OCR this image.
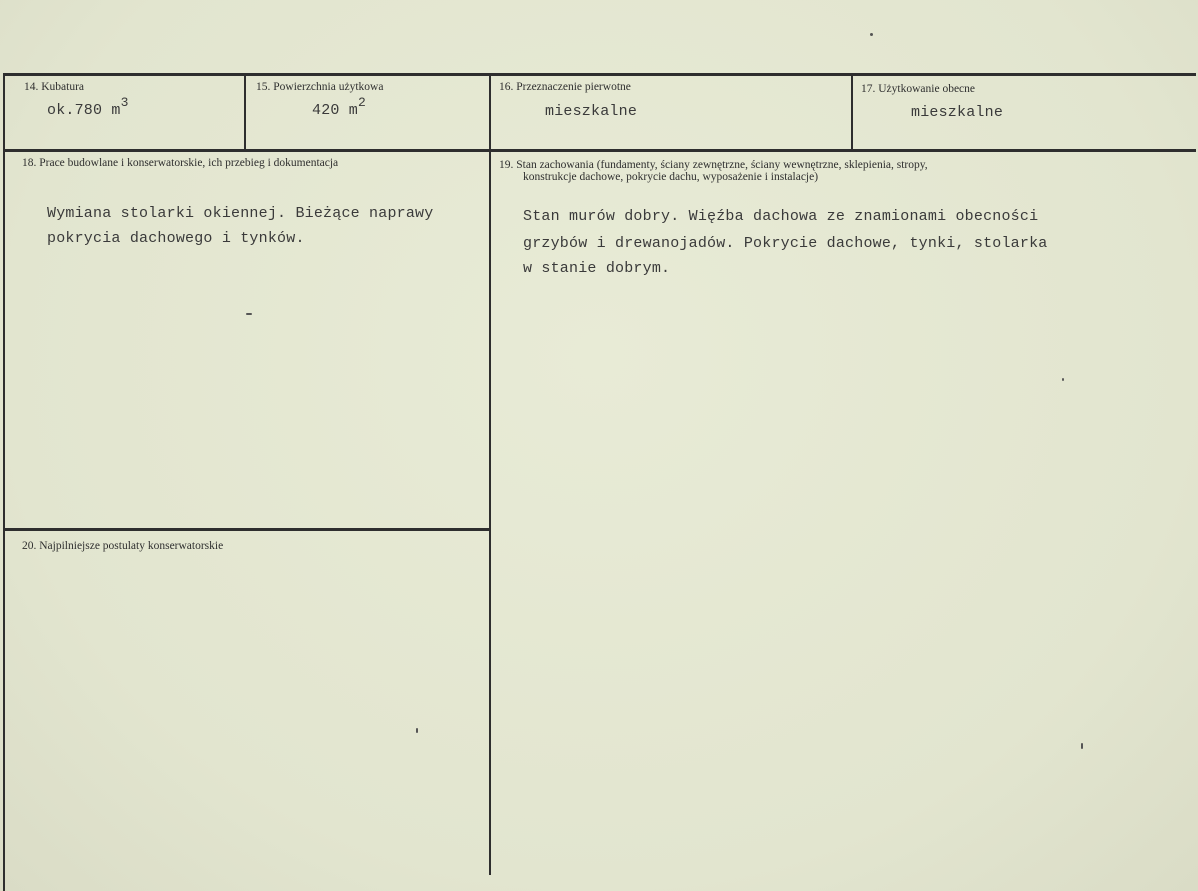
14. Kubatura
ok.780 $m^3$
15. Powierzchnia użytkowa
420 $m^2$
16. Przeznaczenie pierwotne
mieszkalne
17. Użytkowanie obecne
mieszkalne
18. Prace budowlane i konserwatorskie, ich przebieg i dokumentacja
Wymiana stolarki okiennej. Bieżące naprawy
pokrycia dachowego i tynków.
19. Stan zachowania (fundamenty, ściany zewnętrzne, ściany wewnętrzne, sklepienia, stropy,
konstrukcje dachowe, pokrycie dachu, wyposażenie i instalacje)
Stan murów dobry. Więźba dachowa ze znamionami obecności
grzybów i drewanojadów. Pokrycie dachowe, tynki, stolarka
w stanie dobrym.
20. Najpilniejsze postulaty konserwatorskie
